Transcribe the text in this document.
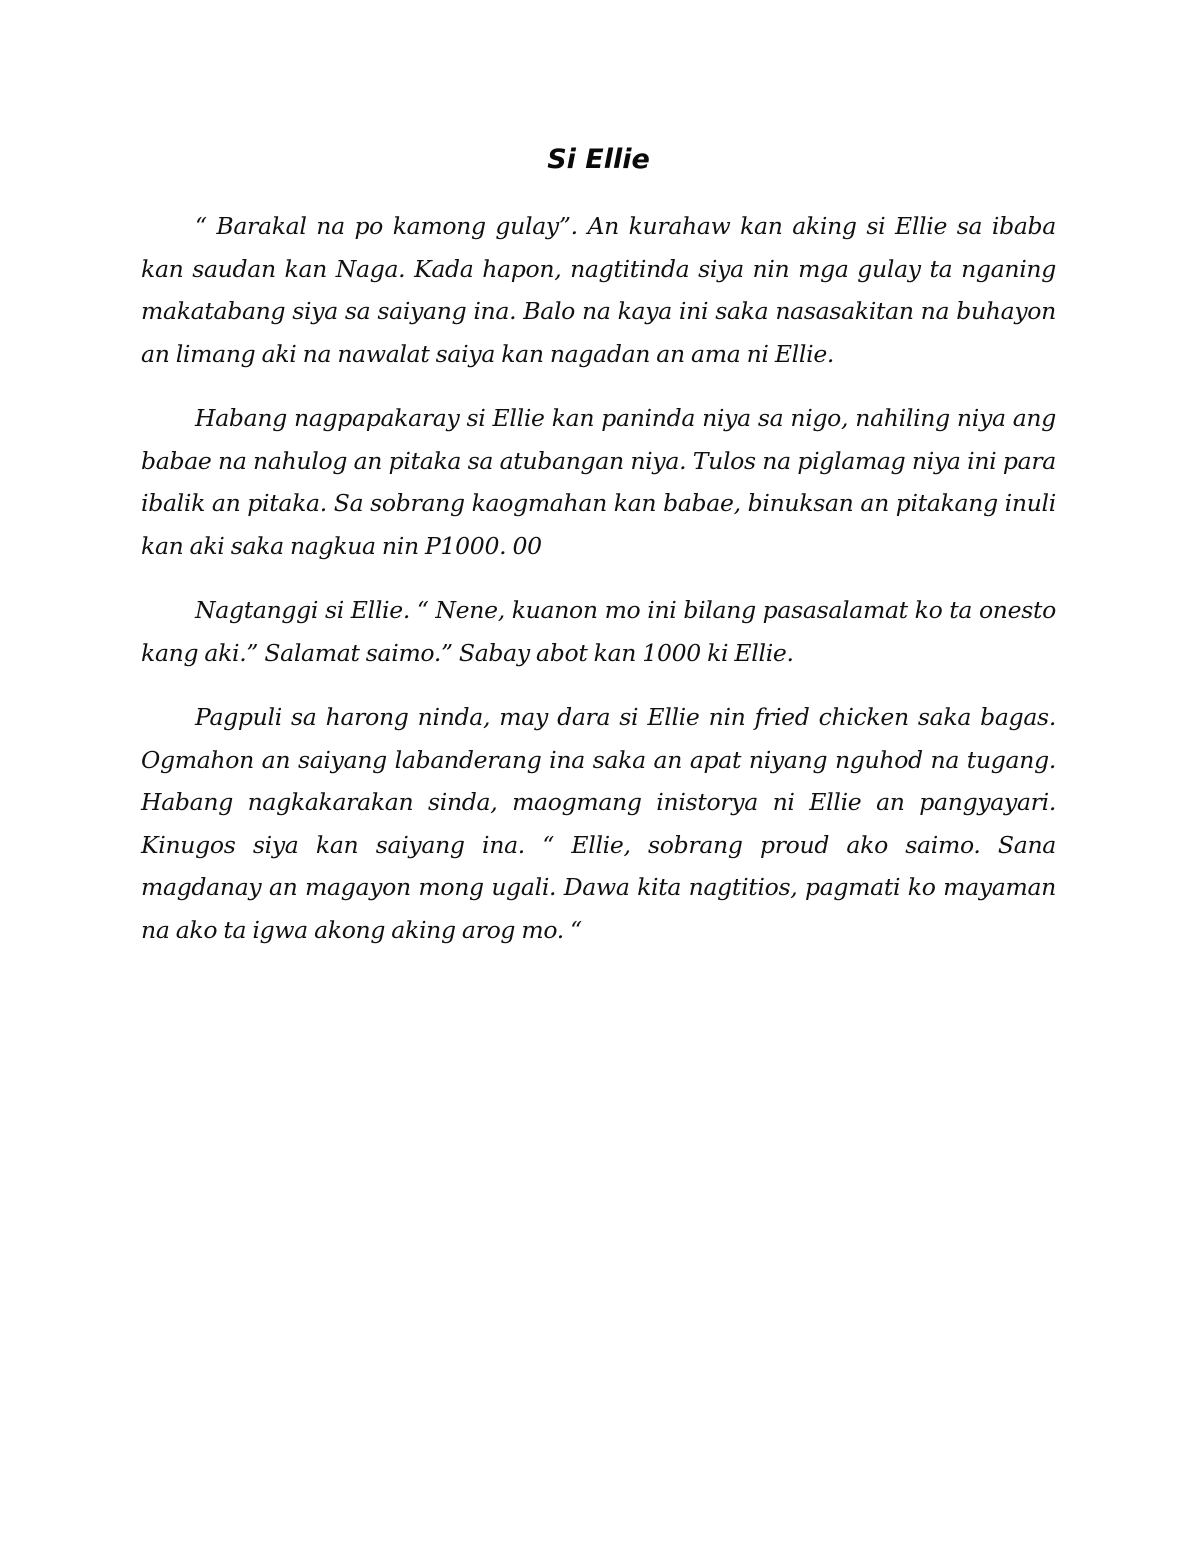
Si Ellie

“ Barakal na po kamong gulay”. An kurahaw kan aking si Ellie sa ibaba kan saudan kan Naga. Kada hapon, nagtitinda siya nin mga gulay ta nganing makatabang siya sa saiyang ina. Balo na kaya ini saka nasasakitan na buhayon an limang aki na nawalat saiya kan nagadan an ama ni Ellie.

Habang nagpapakaray si Ellie kan paninda niya sa nigo, nahiling niya ang babae na nahulog an pitaka sa atubangan niya. Tulos na piglamag niya ini para ibalik an pitaka. Sa sobrang kaogmahan kan babae, binuksan an pitakang inuli kan aki saka nagkua nin P1000. 00

Nagtanggi si Ellie. “ Nene, kuanon mo ini bilang pasasalamat ko ta onesto kang aki.” Salamat saimo.” Sabay abot kan 1000 ki Ellie.

Pagpuli sa harong ninda, may dara si Ellie nin fried chicken saka bagas. Ogmahon an saiyang labanderang ina saka an apat niyang nguhod na tugang. Habang nagkakarakan sinda, maogmang inistorya ni Ellie an pangyayari. Kinugos siya kan saiyang ina. “ Ellie, sobrang proud ako saimo. Sana magdanay an magayon mong ugali. Dawa kita nagtitios, pagmati ko mayaman na ako ta igwa akong aking arog mo. “
